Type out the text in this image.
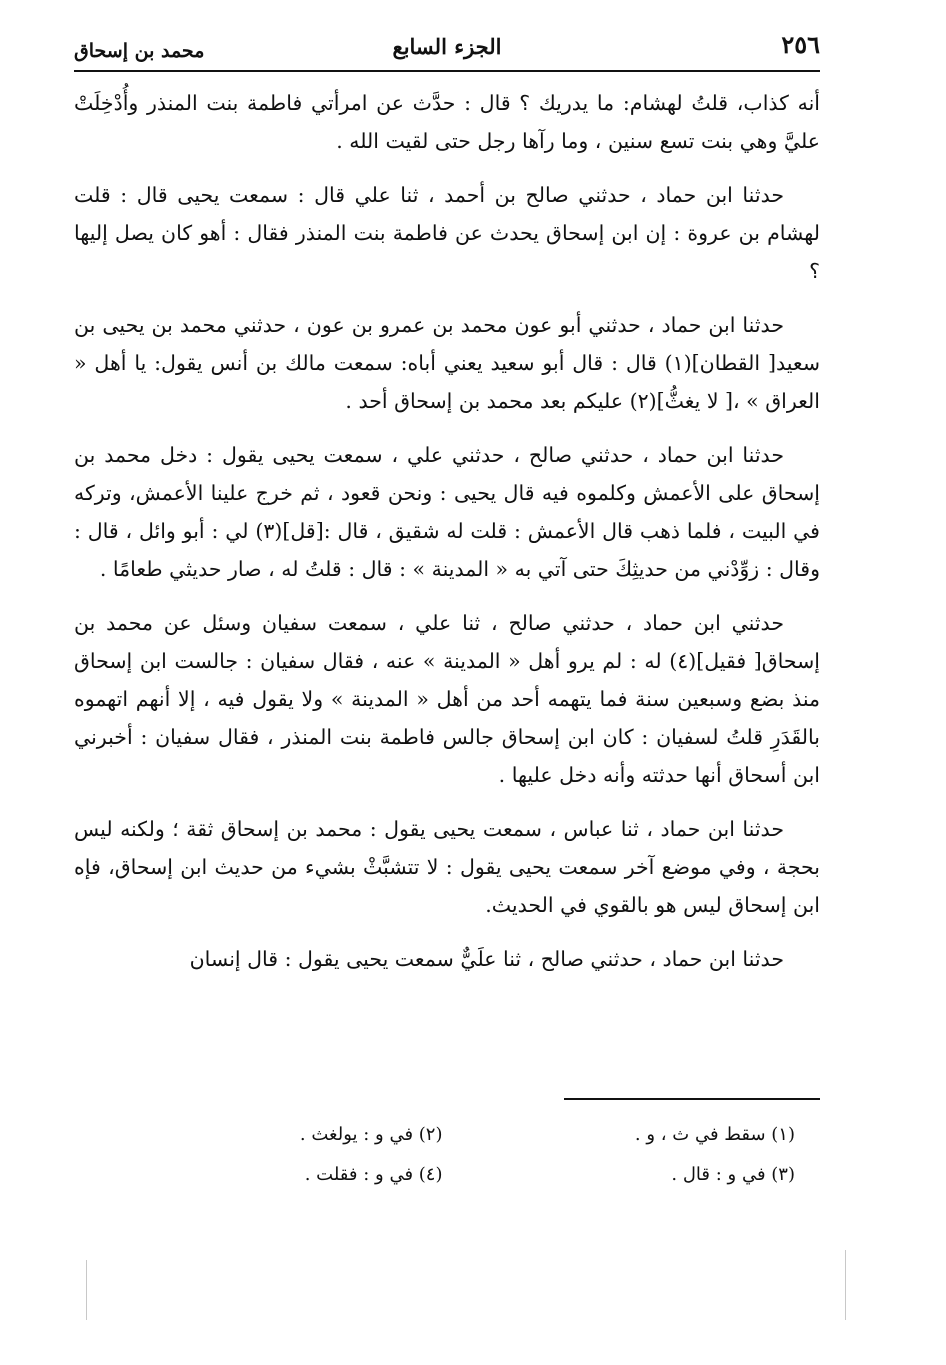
٢٥٦
الجزء السابع
محمد بن إسحاق

أنه كذاب، قلتُ لهشام: ما يدريك ؟ قال : حدَّث عن امرأتي فاطمة بنت المنذر وأُدْخِلَتْ عليَّ وهي بنت تسع سنين ، وما رآها رجل حتى لقيت الله .

حدثنا ابن حماد ، حدثني صالح بن أحمد ، ثنا علي قال : سمعت يحيى قال : قلت لهشام بن عروة : إن ابن إسحاق يحدث عن فاطمة بنت المنذر فقال : أهو كان يصل إليها ؟

حدثنا ابن حماد ، حدثني أبو عون محمد بن عمرو بن عون ، حدثني محمد بن يحيى بن سعيد[ القطان](١) قال : قال أبو سعيد يعني أباه: سمعت مالك بن أنس يقول: يا أهل « العراق » ،[ لا يغثُّ](٢) عليكم بعد محمد بن إسحاق أحد .

حدثنا ابن حماد ، حدثني صالح ، حدثني علي ، سمعت يحيى يقول : دخل محمد بن إسحاق على الأعمش وكلموه فيه قال يحيى : ونحن قعود ، ثم خرج علينا الأعمش، وتركه في البيت ، فلما ذهب قال الأعمش : قلت له شقيق ، قال :[قل](٣) لي : أبو وائل ، قال : وقال : زوِّدْني من حديثِكَ حتى آتي به « المدينة » : قال : قلتُ له ، صار حديثي طعامًا .

حدثني ابن حماد ، حدثني صالح ، ثنا علي ، سمعت سفيان وسئل عن محمد بن إسحاق[ فقيل](٤) له : لم يرو أهل « المدينة » عنه ، فقال سفيان : جالست ابن إسحاق منذ بضع وسبعين سنة فما يتهمه أحد من أهل « المدينة » ولا يقول فيه ، إلا أنهم اتهموه بالقَدَرِ قلتُ لسفيان : كان ابن إسحاق جالس فاطمة بنت المنذر ، فقال سفيان : أخبرني ابن أسحاق أنها حدثته وأنه دخل عليها .

حدثنا ابن حماد ، ثنا عباس ، سمعت يحيى يقول : محمد بن إسحاق ثقة ؛ ولكنه ليس بحجة ، وفي موضع آخر سمعت يحيى يقول : لا تتشبَّثْ بشيء من حديث ابن إسحاق، فإه ابن إسحاق ليس هو بالقوي في الحديث.

حدثنا ابن حماد ، حدثني صالح ، ثنا علَيٌّ سمعت يحيى يقول : قال إنسان

(١) سقط في ث ، و .
(٢) في و : يولغث .
(٣) في و : قال .
(٤) في و : فقلت .
